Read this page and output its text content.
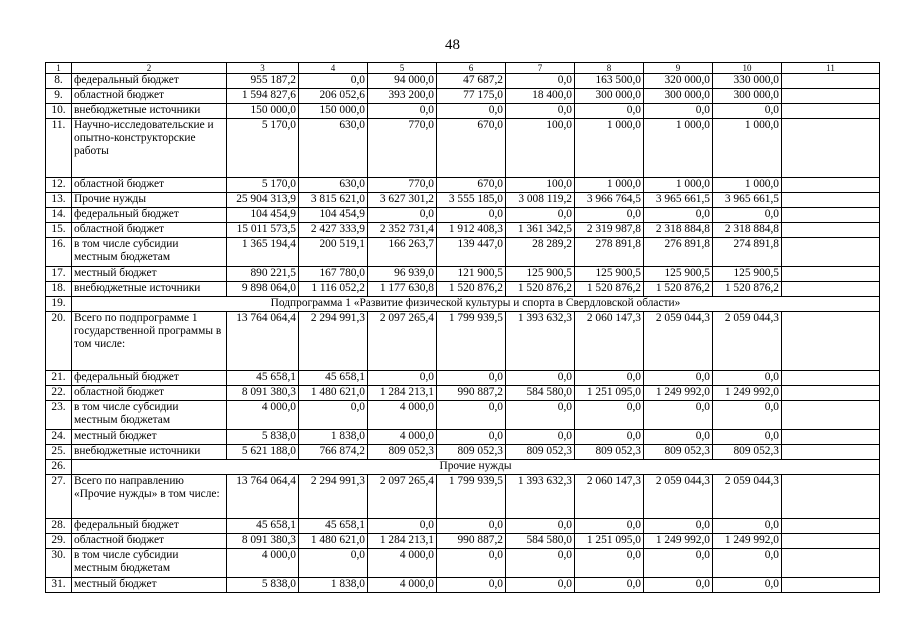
48
1	2	3	4	5	6	7	8	9	10	11
8.	федеральный бюджет	955 187,2	0,0	94 000,0	47 687,2	0,0	163 500,0	320 000,0	330 000,0	
9.	областной бюджет	1 594 827,6	206 052,6	393 200,0	77 175,0	18 400,0	300 000,0	300 000,0	300 000,0	
10.	внебюджетные источники	150 000,0	150 000,0	0,0	0,0	0,0	0,0	0,0	0,0	
11.	Научно-исследовательские и опытно-конструкторские работы	5 170,0	630,0	770,0	670,0	100,0	1 000,0	1 000,0	1 000,0	
12.	областной бюджет	5 170,0	630,0	770,0	670,0	100,0	1 000,0	1 000,0	1 000,0	
13.	Прочие нужды	25 904 313,9	3 815 621,0	3 627 301,2	3 555 185,0	3 008 119,2	3 966 764,5	3 965 661,5	3 965 661,5	
14.	федеральный бюджет	104 454,9	104 454,9	0,0	0,0	0,0	0,0	0,0	0,0	
15.	областной бюджет	15 011 573,5	2 427 333,9	2 352 731,4	1 912 408,3	1 361 342,5	2 319 987,8	2 318 884,8	2 318 884,8	
16.	в том числе субсидии местным бюджетам	1 365 194,4	200 519,1	166 263,7	139 447,0	28 289,2	278 891,8	276 891,8	274 891,8	
17.	местный бюджет	890 221,5	167 780,0	96 939,0	121 900,5	125 900,5	125 900,5	125 900,5	125 900,5	
18.	внебюджетные источники	9 898 064,0	1 116 052,2	1 177 630,8	1 520 876,2	1 520 876,2	1 520 876,2	1 520 876,2	1 520 876,2	
19.	Подпрограмма 1 «Развитие физической культуры и спорта в Свердловской области»									
20.	Всего по подпрограмме 1 государственной программы в том числе:	13 764 064,4	2 294 991,3	2 097 265,4	1 799 939,5	1 393 632,3	2 060 147,3	2 059 044,3	2 059 044,3	
21.	федеральный бюджет	45 658,1	45 658,1	0,0	0,0	0,0	0,0	0,0	0,0	
22.	областной бюджет	8 091 380,3	1 480 621,0	1 284 213,1	990 887,2	584 580,0	1 251 095,0	1 249 992,0	1 249 992,0	
23.	в том числе субсидии местным бюджетам	4 000,0	0,0	4 000,0	0,0	0,0	0,0	0,0	0,0	
24.	местный бюджет	5 838,0	1 838,0	4 000,0	0,0	0,0	0,0	0,0	0,0	
25.	внебюджетные источники	5 621 188,0	766 874,2	809 052,3	809 052,3	809 052,3	809 052,3	809 052,3	809 052,3	
26.	Прочие нужды									
27.	Всего по направлению «Прочие нужды» в том числе:	13 764 064,4	2 294 991,3	2 097 265,4	1 799 939,5	1 393 632,3	2 060 147,3	2 059 044,3	2 059 044,3	
28.	федеральный бюджет	45 658,1	45 658,1	0,0	0,0	0,0	0,0	0,0	0,0	
29.	областной бюджет	8 091 380,3	1 480 621,0	1 284 213,1	990 887,2	584 580,0	1 251 095,0	1 249 992,0	1 249 992,0	
30.	в том числе субсидии местным бюджетам	4 000,0	0,0	4 000,0	0,0	0,0	0,0	0,0	0,0	
31.	местный бюджет	5 838,0	1 838,0	4 000,0	0,0	0,0	0,0	0,0	0,0	
